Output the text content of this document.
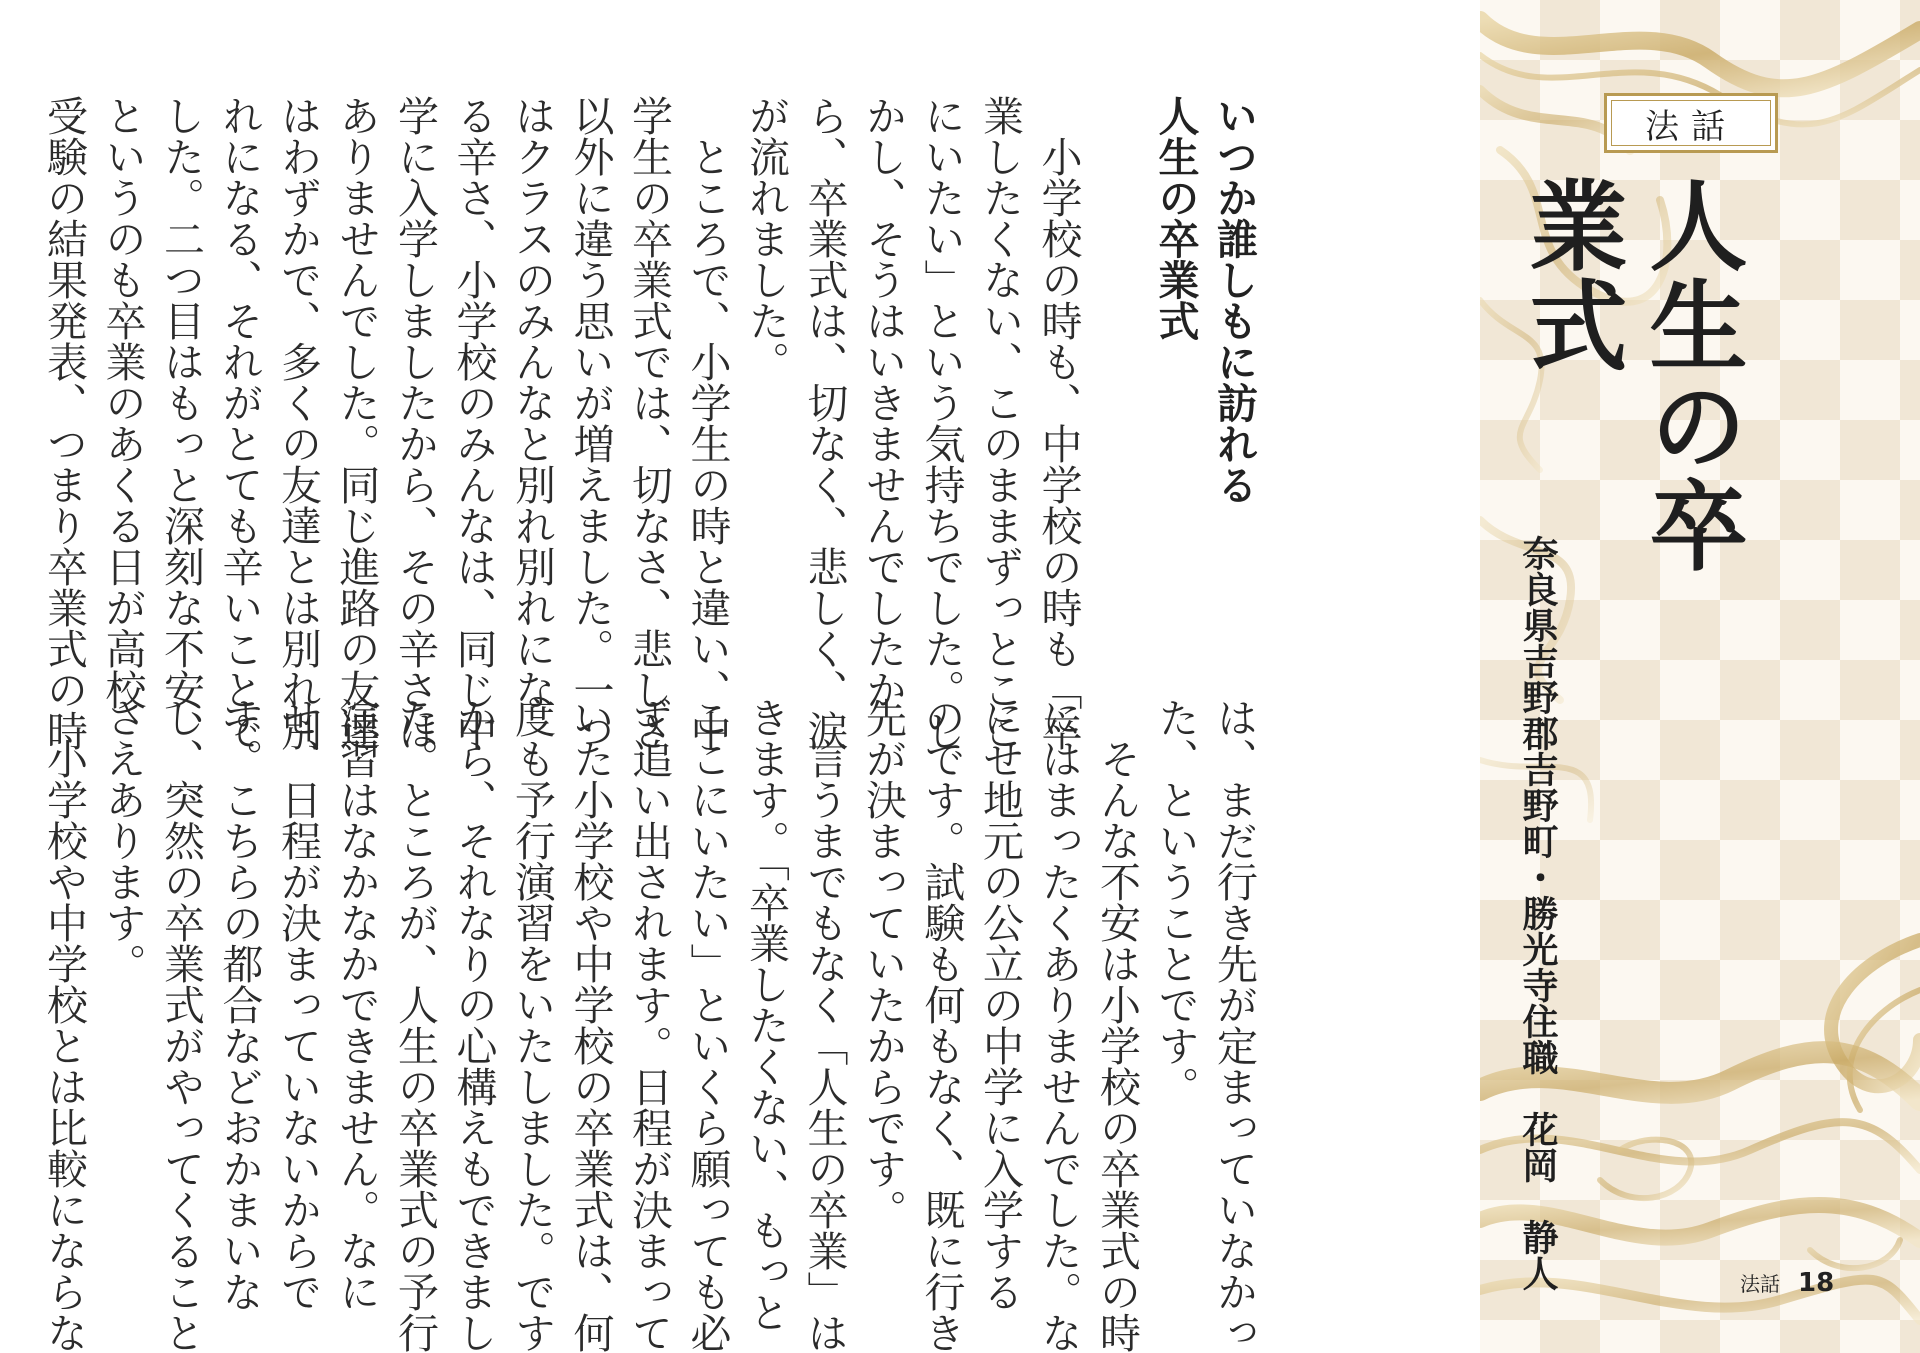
法話
人生の卒業式

奈良県吉野郡吉野町・勝光寺住職　花岡　静人

いつか誰しもに訪れる
人生の卒業式

　小学校の時も、中学校の時も「卒
業したくない、このままずっとここ
にいたい」という気持ちでした。し
かし、そうはいきませんでしたか
ら、卒業式は、切なく、悲しく、涙
が流れました。
　ところで、小学生の時と違い、中
学生の卒業式では、切なさ、悲しさ
以外に違う思いが増えました。一つ
はクラスのみんなと別れ別れにな
る辛さ、小学校のみんなは、同じ中
学に入学しましたから、その辛さは
ありませんでした。同じ進路の友達
はわずかで、多くの友達とは別れ別
れになる、それがとても辛いことで
した。二つ目はもっと深刻な不安、
というのも卒業のあくる日が高校
受験の結果発表、つまり卒業式の時

は、まだ行き先が定まっていなかっ
た、ということです。
　そんな不安は小学校の卒業式の時
にはまったくありませんでした。な
にせ地元の公立の中学に入学する
のです。試験も何もなく、既に行き
先が決まっていたからです。
　言うまでもなく「人生の卒業」は
きます。「卒業したくない、もっと
ここにいたい」といくら願っても必
ず追い出されます。日程が決まって
いた小学校や中学校の卒業式は、何
度も予行演習をいたしました。です
から、それなりの心構えもできまし
た。ところが、人生の卒業式の予行
演習はなかなかできません。なに
せ、日程が決まっていないからで
す。こちらの都合などおかまいな
し、突然の卒業式がやってくること
さえあります。
　小学校や中学校とは比較にならな

	法話 18
